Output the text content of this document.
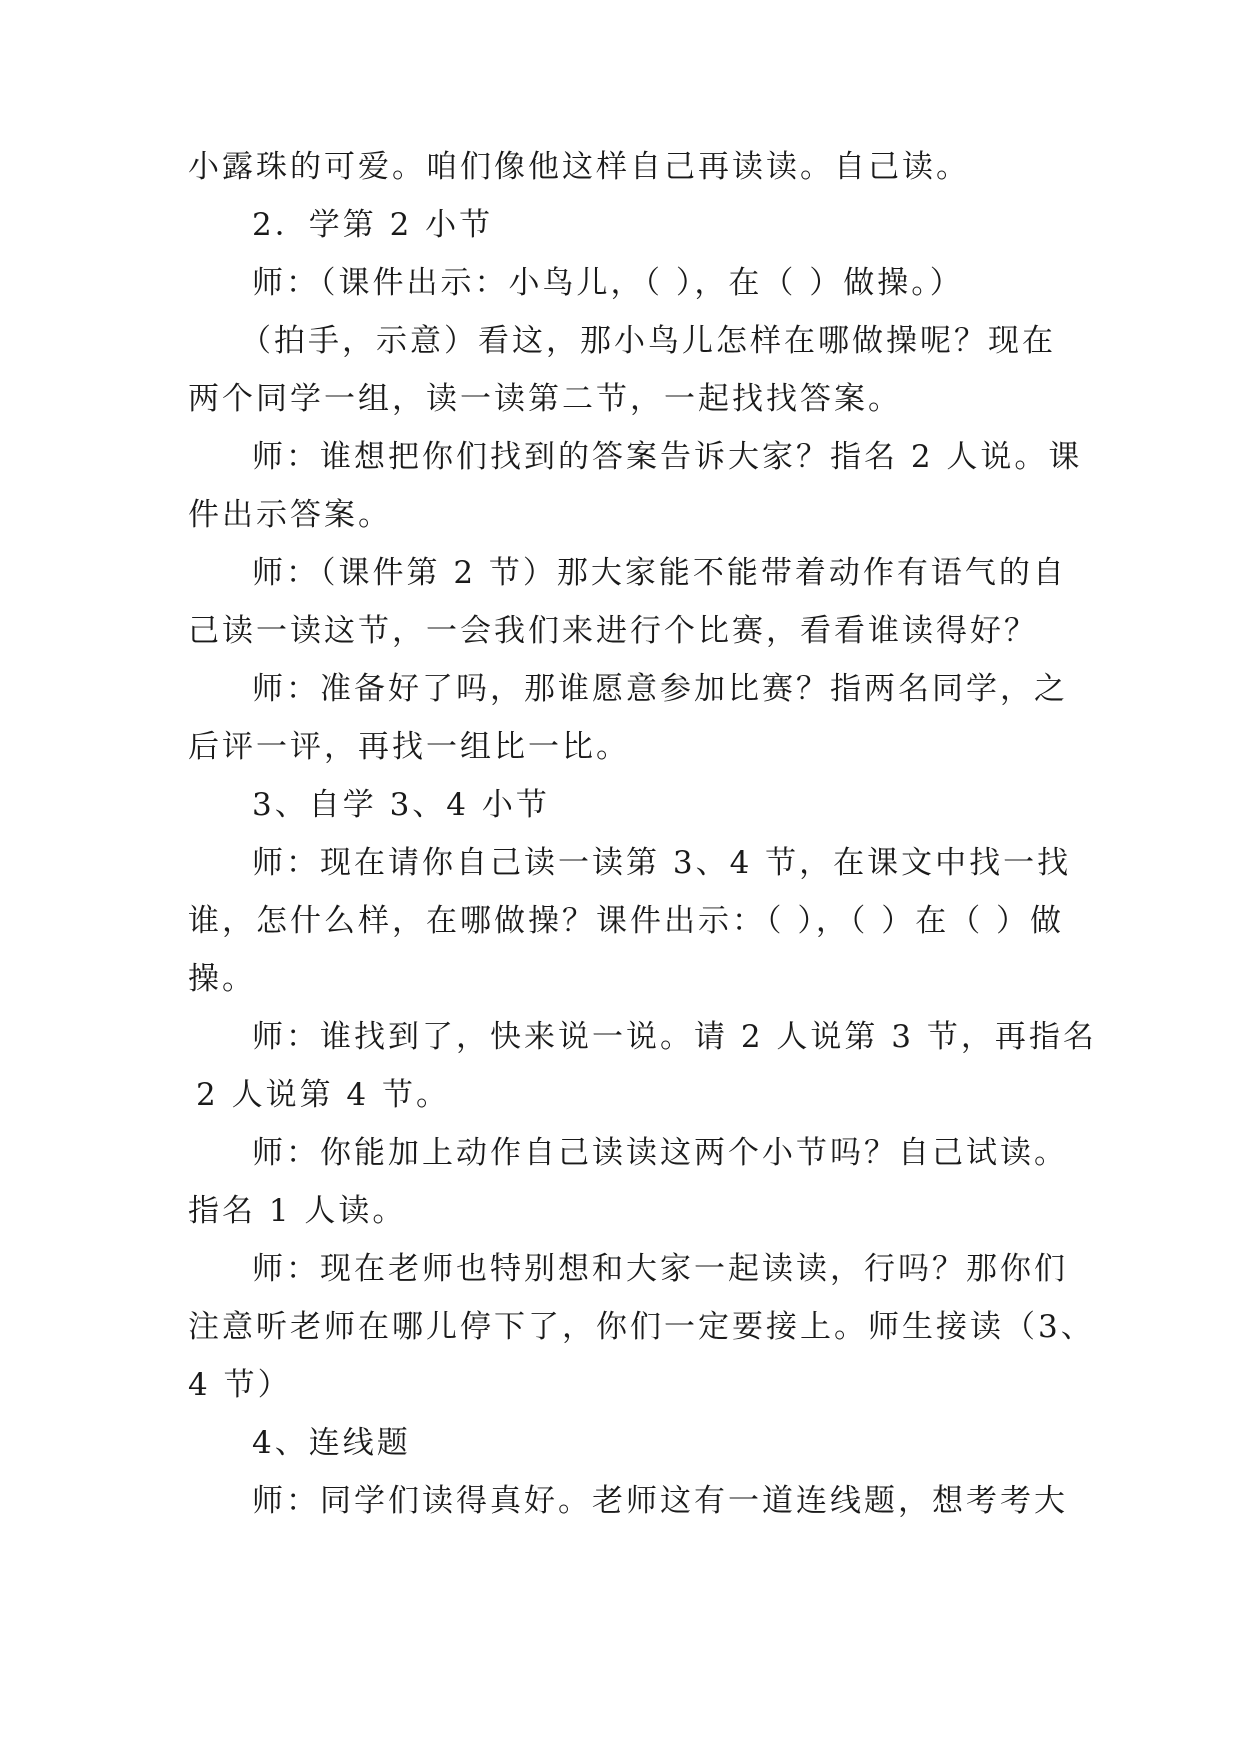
小露珠的可爱。咱们像他这样自己再读读。自己读。
2．学第 2 小节
师：（课件出示：小鸟儿，（ ），在（ ）做操。）
（拍手，示意）看这，那小鸟儿怎样在哪做操呢？现在
两个同学一组，读一读第二节，一起找找答案。
师：谁想把你们找到的答案告诉大家？指名 2 人说。课
件出示答案。
师：（课件第 2 节）那大家能不能带着动作有语气的自
己读一读这节，一会我们来进行个比赛，看看谁读得好？
师：准备好了吗，那谁愿意参加比赛？指两名同学，之
后评一评，再找一组比一比。
3、自学 3、4 小节
师：现在请你自己读一读第 3、4 节，在课文中找一找
谁，怎什么样，在哪做操？课件出示：（ ），（ ）在（ ）做
操。
师：谁找到了，快来说一说。请 2 人说第 3 节，再指名
2 人说第 4 节。
师：你能加上动作自己读读这两个小节吗？自己试读。
指名 1 人读。
师：现在老师也特别想和大家一起读读，行吗？那你们
注意听老师在哪儿停下了，你们一定要接上。师生接读（3、
4 节）
4、连线题
师：同学们读得真好。老师这有一道连线题，想考考大
